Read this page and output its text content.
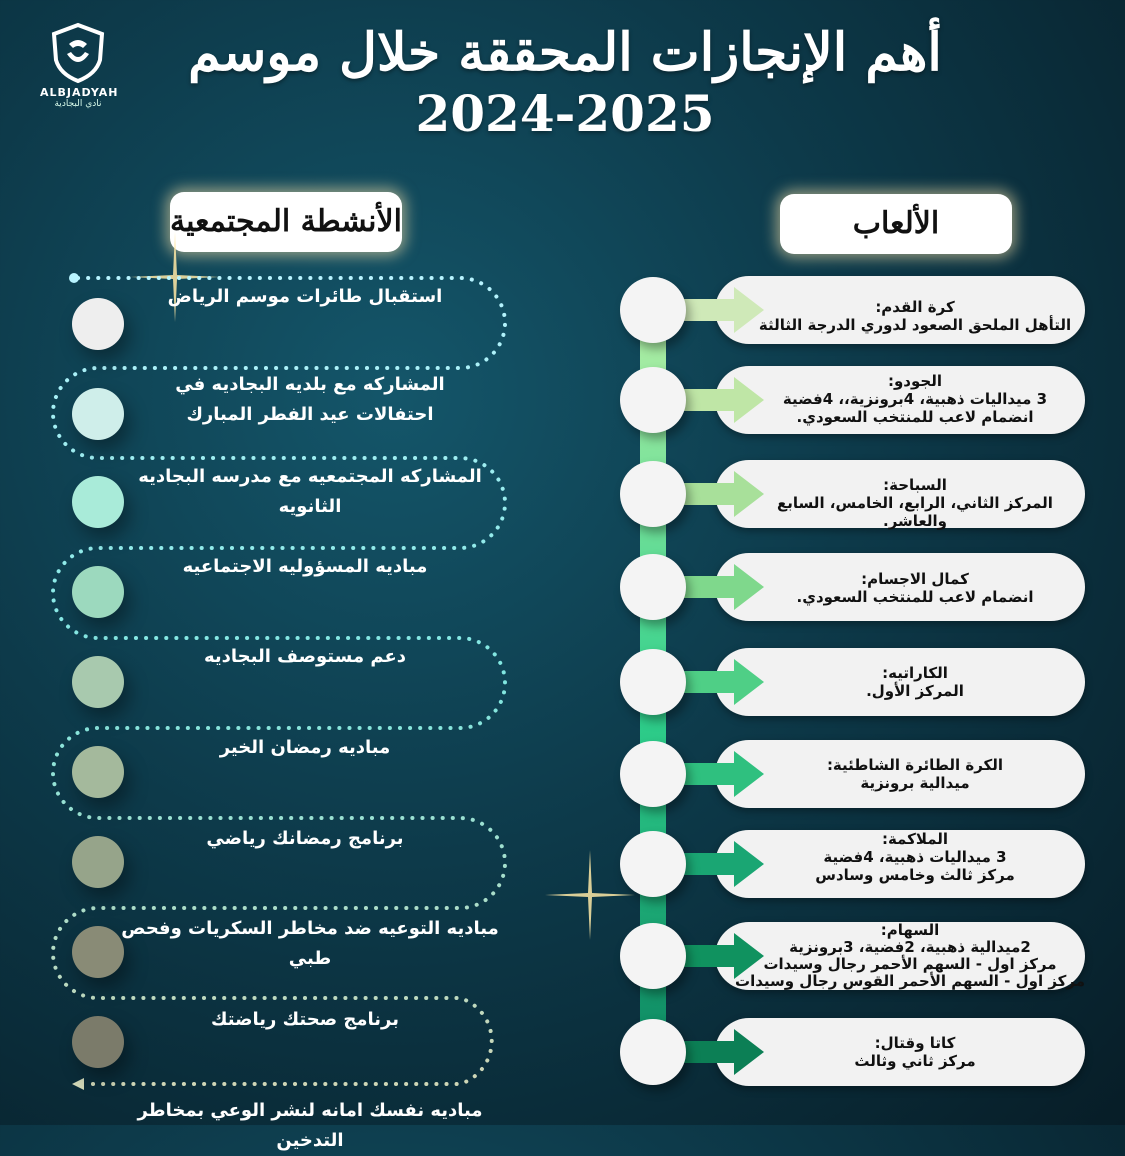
ALBJADYAH
نادي البجادية
أهم الإنجازات المحققة خلال موسم
2024-2025
الأنشطة المجتمعية	الألعاب
استقبال طائرات موسم الرياض
المشاركه مع بلديه البجاديه في
احتفالات عيد الفطر المبارك
المشاركه المجتمعيه مع مدرسه البجاديه الثانويه
مباديه المسؤوليه الاجتماعيه
دعم مستوصف البجاديه
مباديه رمضان الخير
برنامج رمضانك رياضي
مباديه التوعيه ضد مخاطر السكريات وفحص طبي
برنامج صحتك رياضتك
مباديه نفسك امانه لنشر الوعي بمخاطر التدخين
كرة القدم:
التأهل الملحق الصعود لدوري الدرجة الثالثة
الجودو:
3 ميداليات ذهبية، 4برونزية،، 4فضية
انضمام لاعب للمنتخب السعودي.
السباحة:
المركز الثاني، الرابع، الخامس، السابع والعاشر.
كمال الاجسام:
انضمام لاعب للمنتخب السعودي.
الكاراتيه:
المركز الأول.
الكرة الطائرة الشاطئية:
ميدالية برونزية
الملاكمة:
3 ميداليات ذهبية، 4فضية
مركز ثالث وخامس وسادس
السهام:
2ميدالية ذهبية، 2فضية، 3برونزية
مركز اول - السهم الأحمر رجال وسيدات
مركز اول - السهم الأحمر القوس رجال وسيدات
كاتا وقتال:
مركز ثاني وثالث
